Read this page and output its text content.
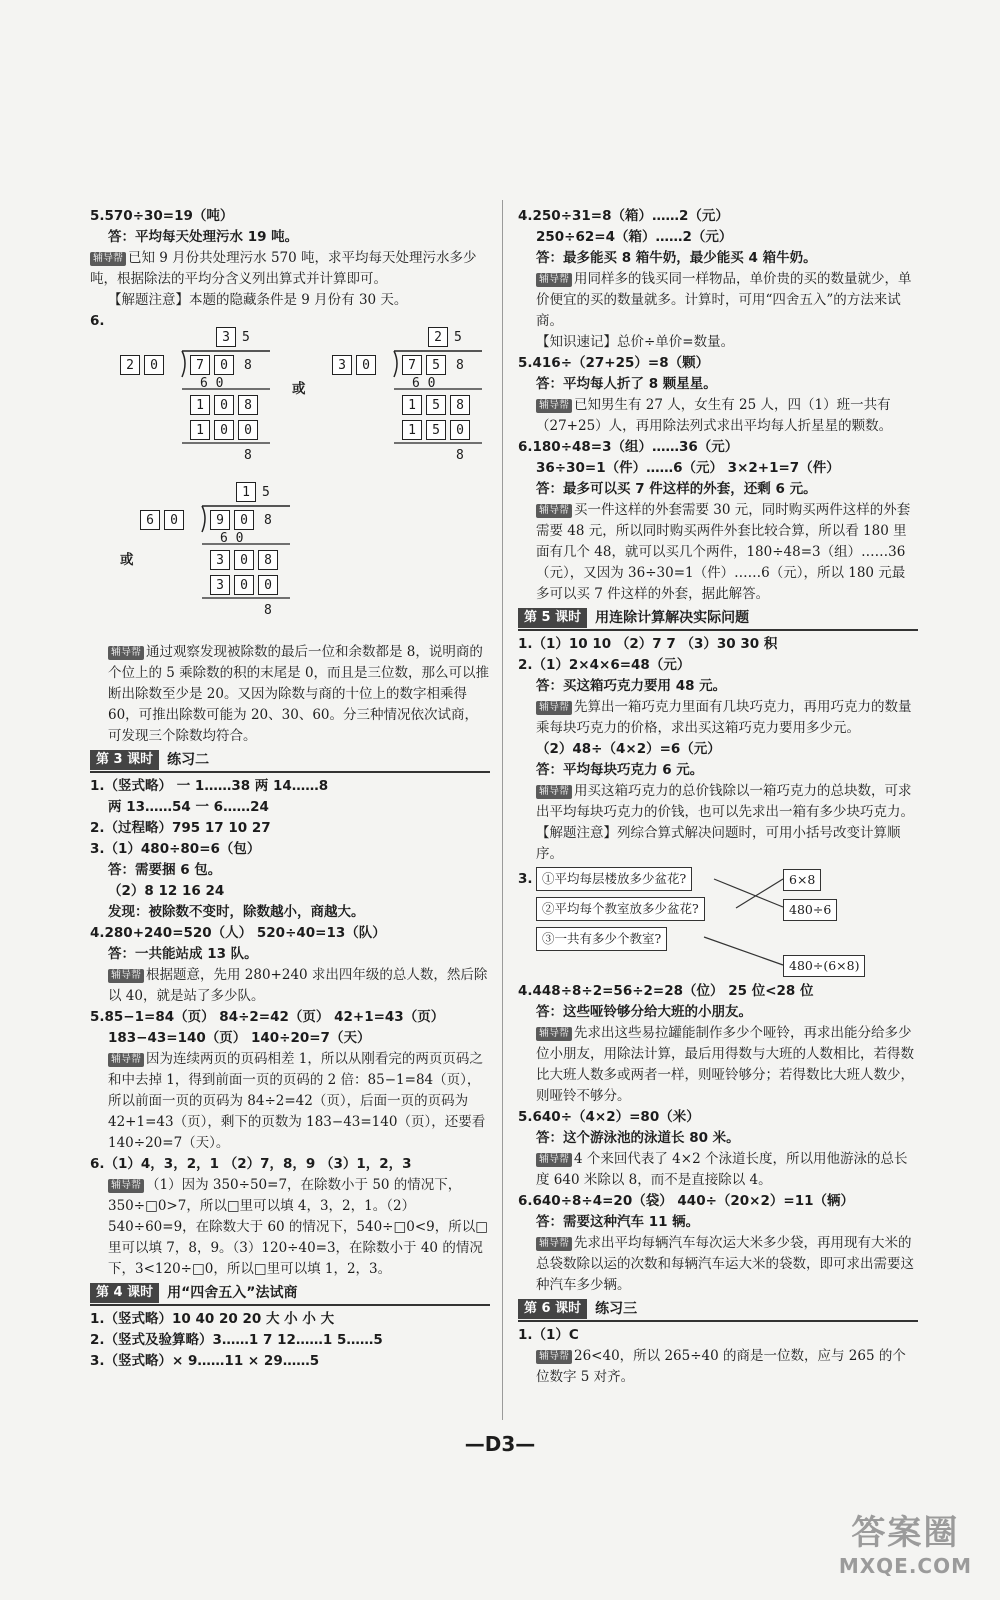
5.570÷30=19（吨）

答：平均每天处理污水 19 吨。

辅导帮 已知 9 月份共处理污水 570 吨，求平均每天处理污水多少吨，根据除法的平均分含义列出算式并计算即可。

【解题注意】本题的隐藏条件是 9 月份有 30 天。

6.

3 5
2	0	7	0	8
6 0
1	0	8
1	0	0
8
或
2 5
3	0	7	5	8
6 0
1	5	8
1	5	0
8
或
1 5
6	0	9	0	8
6 0
3	0	8
3	0	0
8

辅导帮 通过观察发现被除数的最后一位和余数都是 8，说明商的个位上的 5 乘除数的积的末尾是 0，而且是三位数，那么可以推断出除数至少是 20。又因为除数与商的十位上的数字相乘得 60，可推出除数可能为 20、30、60。分三种情况依次试商，可发现三个除数均符合。

第 3 课时	练习二

1.（竖式略） 一 1……38 两 14……8

两 13……54 一 6……24

2.（过程略）795 17 10 27

3.（1）480÷80=6（包）

答：需要捆 6 包。

（2）8 12 16 24

发现：被除数不变时，除数越小，商越大。

4.280+240=520（人） 520÷40=13（队）

答：一共能站成 13 队。

辅导帮 根据题意，先用 280+240 求出四年级的总人数，然后除以 40，就是站了多少队。

5.85−1=84（页） 84÷2=42（页） 42+1=43（页）

183−43=140（页） 140÷20=7（天）

辅导帮 因为连续两页的页码相差 1，所以从刚看完的两页页码之和中去掉 1，得到前面一页的页码的 2 倍：85−1=84（页），所以前面一页的页码为 84÷2=42（页），后面一页的页码为 42+1=43（页），剩下的页数为 183−43=140（页），还要看 140÷20=7（天）。

6.（1）4，3，2，1 （2）7，8，9 （3）1，2，3

辅导帮 （1）因为 350÷50=7，在除数小于 50 的情况下，350÷□0>7，所以□里可以填 4，3，2，1。（2）540÷60=9，在除数大于 60 的情况下，540÷□0<9，所以□里可以填 7，8，9。（3）120÷40=3，在除数小于 40 的情况下，3<120÷□0，所以□里可以填 1，2，3。

第 4 课时	用“四舍五入”法试商

1.（竖式略）10 40 20 20 大 小 小 大

2.（竖式及验算略）3……1 7 12……1 5……5

3.（竖式略）× 9……11 × 29……5

4.250÷31=8（箱）……2（元）

250÷62=4（箱）……2（元）

答：最多能买 8 箱牛奶，最少能买 4 箱牛奶。

辅导帮 用同样多的钱买同一样物品，单价贵的买的数量就少，单价便宜的买的数量就多。计算时，可用“四舍五入”的方法来试商。

【知识速记】总价÷单价=数量。

5.416÷（27+25）=8（颗）

答：平均每人折了 8 颗星星。

辅导帮 已知男生有 27 人，女生有 25 人，四（1）班一共有（27+25）人，再用除法列式求出平均每人折星星的颗数。

6.180÷48=3（组）……36（元）

36÷30=1（件）……6（元） 3×2+1=7（件）

答：最多可以买 7 件这样的外套，还剩 6 元。

辅导帮 买一件这样的外套需要 30 元，同时购买两件这样的外套需要 48 元，所以同时购买两件外套比较合算，所以看 180 里面有几个 48，就可以买几个两件，180÷48=3（组）……36（元），又因为 36÷30=1（件）……6（元），所以 180 元最多可以买 7 件这样的外套，据此解答。

第 5 课时	用连除计算解决实际问题

1.（1）10 10 （2）7 7 （3）30 30 积

2.（1）2×4×6=48（元）

答：买这箱巧克力要用 48 元。

辅导帮 先算出一箱巧克力里面有几块巧克力，再用巧克力的数量乘每块巧克力的价格，求出买这箱巧克力要用多少元。

（2）48÷（4×2）=6（元）

答：平均每块巧克力 6 元。

辅导帮 用买这箱巧克力的总价钱除以一箱巧克力的总块数，可求出平均每块巧克力的价钱，也可以先求出一箱有多少块巧克力。

【解题注意】列综合算式解决问题时，可用小括号改变计算顺序。

3. ①平均每层楼放多少盆花?
②平均每个教室放多少盆花?
③一共有多少个教室?
6×8
480÷6
480÷(6×8)

4.448÷8÷2=56÷2=28（位） 25 位<28 位

答：这些哑铃够分给大班的小朋友。

辅导帮 先求出这些易拉罐能制作多少个哑铃，再求出能分给多少位小朋友，用除法计算，最后用得数与大班的人数相比，若得数比大班人数多或两者一样，则哑铃够分；若得数比大班人数少，则哑铃不够分。

5.640÷（4×2）=80（米）

答：这个游泳池的泳道长 80 米。

辅导帮 4 个来回代表了 4×2 个泳道长度，所以用他游泳的总长度 640 米除以 8，而不是直接除以 4。

6.640÷8÷4=20（袋） 440÷（20×2）=11（辆）

答：需要这种汽车 11 辆。

辅导帮 先求出平均每辆汽车每次运大米多少袋，再用现有大米的总袋数除以运的次数和每辆汽车运大米的袋数，即可求出需要这种汽车多少辆。

第 6 课时	练习三

1.（1）C

辅导帮 26<40，所以 265÷40 的商是一位数，应与 265 的个位数字 5 对齐。

—D3—
答案圈
MXQE.COM
